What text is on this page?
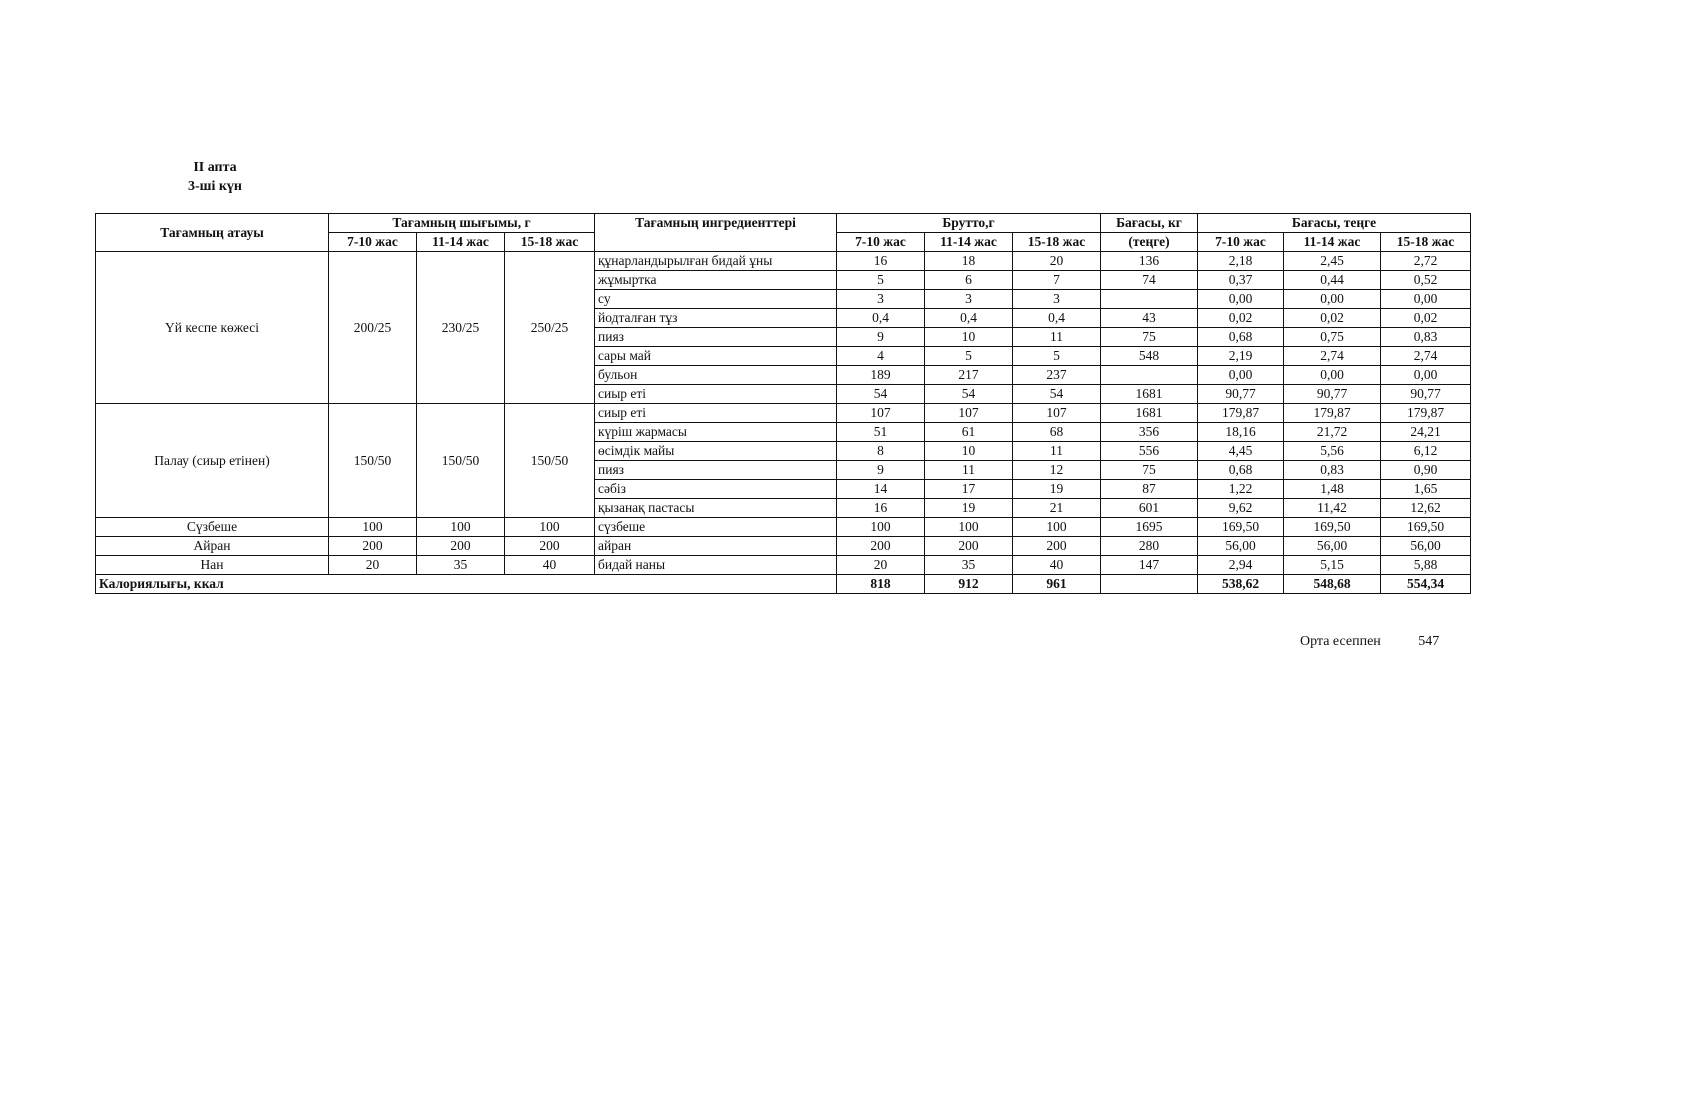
II апта
3-ші күн
Тағамның атауы	Тағамның шығымы, г			Тағамның ингредиенттері	Брутто,г			Бағасы, кг	Бағасы, теңге		
	7-10 жас	11-14 жас	15-18 жас		7-10 жас	11-14 жас	15-18 жас	(теңге)	7-10 жас	11-14 жас	15-18 жас
Үй кеспе көжесі	200/25	230/25	250/25	құнарландырылған бидай ұны	16	18	20	136	2,18	2,45	2,72
				жұмыртка	5	6	7	74	0,37	0,44	0,52
				су	3	3	3		0,00	0,00	0,00
				йодталған тұз	0,4	0,4	0,4	43	0,02	0,02	0,02
				пияз	9	10	11	75	0,68	0,75	0,83
				сары май	4	5	5	548	2,19	2,74	2,74
				бульон	189	217	237		0,00	0,00	0,00
				сиыр еті	54	54	54	1681	90,77	90,77	90,77
Палау (сиыр етінен)	150/50	150/50	150/50	сиыр еті	107	107	107	1681	179,87	179,87	179,87
				күріш жармасы	51	61	68	356	18,16	21,72	24,21
				өсімдік майы	8	10	11	556	4,45	5,56	6,12
				пияз	9	11	12	75	0,68	0,83	0,90
				сәбіз	14	17	19	87	1,22	1,48	1,65
				қызанақ пастасы	16	19	21	601	9,62	11,42	12,62
Сүзбеше	100	100	100	сүзбеше	100	100	100	1695	169,50	169,50	169,50
Айран	200	200	200	айран	200	200	200	280	56,00	56,00	56,00
Нан	20	35	40	бидай наны	20	35	40	147	2,94	5,15	5,88
Калориялығы, ккал					818	912	961		538,62	548,68	554,34
Орта есеппен	547
